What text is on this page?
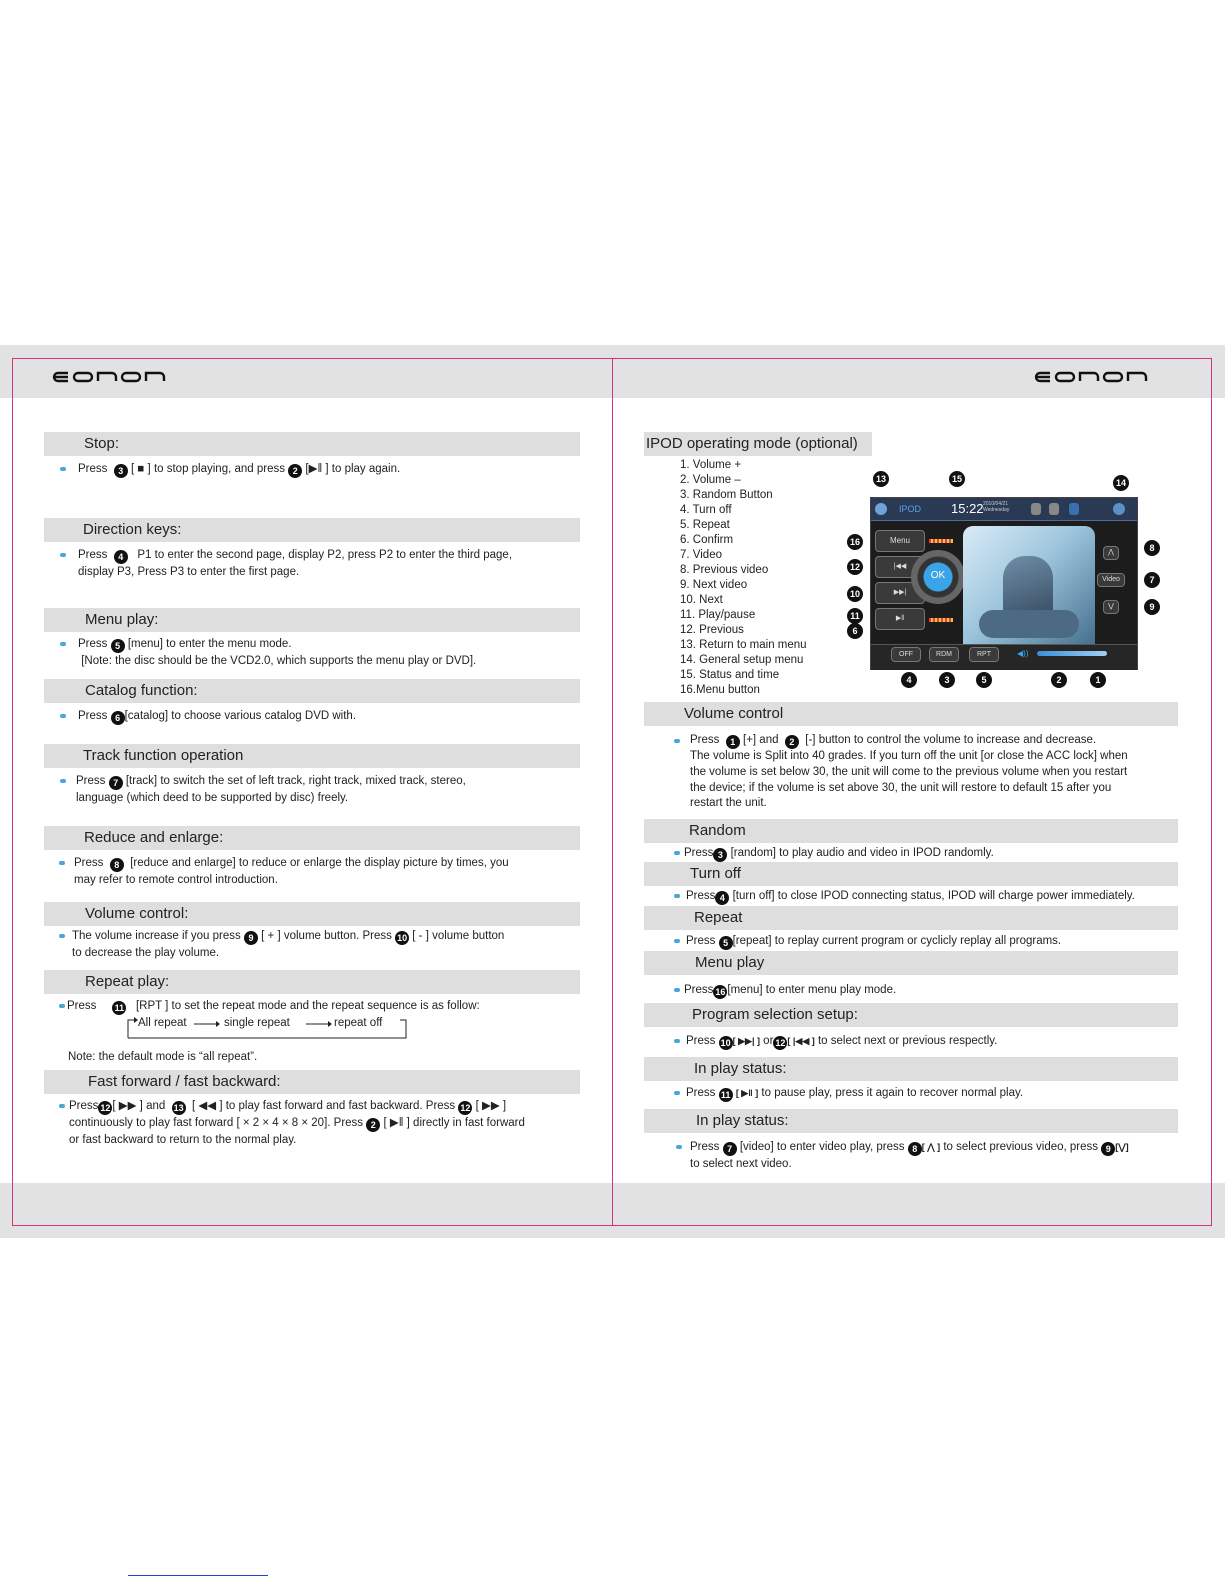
eonon
Stop:
Press 3 [ ■ ] to stop playing, and press 2 [▶‖ ] to play again.
Direction keys:
Press 4 P1 to enter the second page, display P2, press P2 to enter the third page,
display P3, Press P3 to enter the first page.
Menu play:
Press 5 [menu] to enter the menu mode.
[Note: the disc should be the VCD2.0, which supports the menu play or DVD].
Catalog function:
Press 6 [catalog] to choose various catalog DVD with.
Track function operation
Press 7 [track] to switch the set of left track, right track, mixed track, stereo,
language (which deed to be supported by disc) freely.
Reduce and enlarge:
Press 8 [reduce and enlarge] to reduce or enlarge the display picture by times, you
may refer to remote control introduction.
Volume control:
The volume increase if you press 9 [ + ] volume button. Press 10 [ - ] volume button
to decrease the play volume.
Repeat play:
Press 11 [RPT ] to set the repeat mode and the repeat sequence is as follow:
All repeat	single repeat	repeat off
Note: the default mode is “all repeat”.
Fast forward / fast backward:
Press 12 [ ▶▶ ] and 13 [ ◀◀ ] to play fast forward and fast backward. Press 12 [ ▶▶ ]
continuously to play fast forward [ × 2 × 4 × 8 × 20]. Press 2 [ ▶‖ ] directly in fast forward
or fast backward to return to the normal play.
IPOD operating mode (optional)
1. Volume +
2. Volume –
3. Random Button
4. Turn off
5. Repeat
6. Confirm
7. Video
8. Previous video
9. Next video
10. Next
11. Play/pause
12. Previous
13. Return to main menu
14. General setup menu
15. Status and time
16.Menu button
IPOD 15:22 2010/04/21
Wednesday
Menu
|◀◀
▶▶|
▶‖
OK
⋀
Video
⋁
OFF	RDM	RPT	◀))
13	15	14
16
12
10
11
6
8
7
9
4	3	5	2	1
Volume control
Press 1 [+] and 2 [-] button to control the volume to increase and decrease.
The volume is Split into 40 grades. If you turn off the unit [or close the ACC lock] when
the volume is set below 30, the unit will come to the previous volume when you restart
the device; if the volume is set above 30, the unit will restore to default 15 after you
restart the unit.
Random
Press 3 [random] to play audio and video in IPOD randomly.
Turn off
Press 4 [turn off] to close IPOD connecting status, IPOD will charge power immediately.
Repeat
Press 5 [repeat] to replay current program or cyclicly replay all programs.
Menu play
Press 16 [menu] to enter menu play mode.
Program selection setup:
Press 10 [ ▶▶| ] or 12 [ |◀◀ ] to select next or previous respectly.
In play status:
Press 11 [ ▶‖ ] to pause play, press it again to recover normal play.
In play status:
Press 7 [video] to enter video play, press 8 [ ⋀ ] to select previous video, press 9 [⋁]
to select next video.
